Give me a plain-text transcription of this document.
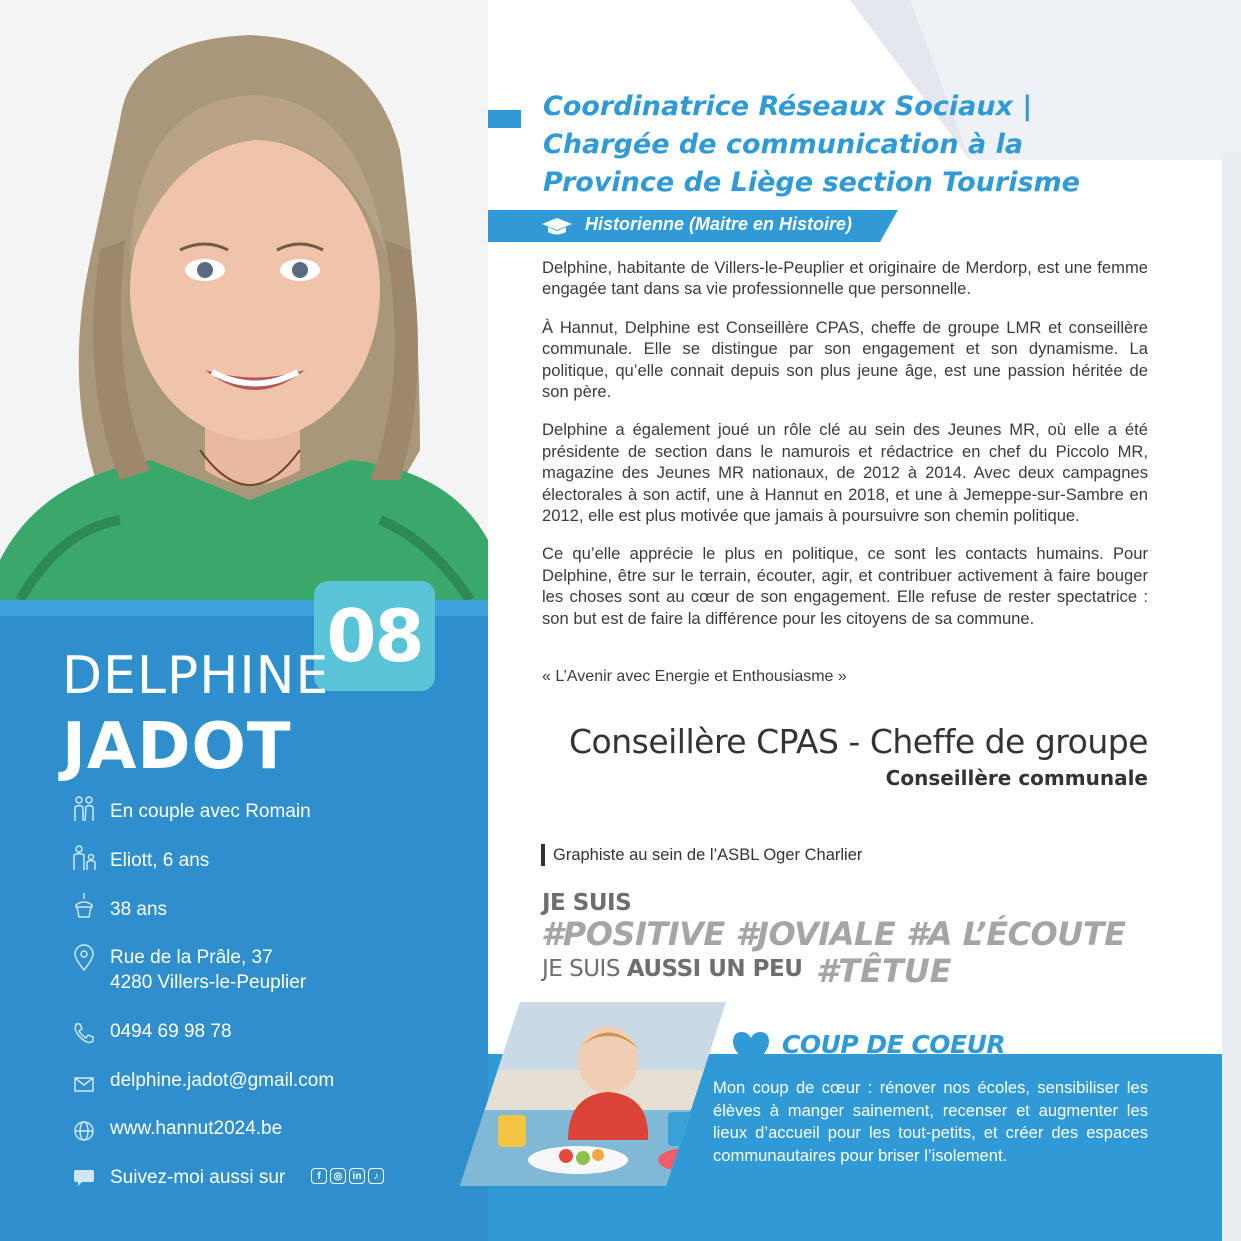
08
DELPHINE
JADOT
En couple avec Romain
Eliott, 6 ans
38 ans
Rue de la Prâle, 37
4280 Villers-le-Peuplier
0494 69 98 78
delphine.jadot@gmail.com
www.hannut2024.be
Suivez-moi aussi sur	f	◎	in	♪
Coordinatrice Réseaux Sociaux | Chargée de communication à la Province de Liège section Tourisme
Historienne (Maitre en Histoire)

Delphine, habitante de Villers-le-Peuplier et originaire de Merdorp, est une femme engagée tant dans sa vie professionnelle que personnelle.

À Hannut, Delphine est Conseillère CPAS, cheffe de groupe LMR et conseillère communale. Elle se distingue par son engagement et son dynamisme. La politique, qu’elle connait depuis son plus jeune âge, est une passion héritée de son père.

Delphine a également joué un rôle clé au sein des Jeunes MR, où elle a été présidente de section dans le namurois et rédactrice en chef du Piccolo MR, magazine des Jeunes MR nationaux, de 2012 à 2014. Avec deux campagnes électorales à son actif, une à Hannut en 2018, et une à Jemeppe-sur-Sambre en 2012, elle est plus motivée que jamais à poursuivre son chemin politique.

Ce qu’elle apprécie le plus en politique, ce sont les contacts humains. Pour Delphine, être sur le terrain, écouter, agir, et contribuer activement à faire bouger les choses sont au cœur de son engagement. Elle refuse de rester spectatrice : son but est de faire la différence pour les citoyens de sa commune.

« L’Avenir avec Energie et Enthousiasme »
Conseillère CPAS - Cheffe de groupe
Conseillère communale
Graphiste au sein de l’ASBL Oger Charlier
JE SUIS
#POSITIVE #JOVIALE #A L’ÉCOUTE
JE SUIS AUSSI UN PEU #TÊTUE
COUP DE COEUR
Mon coup de cœur : rénover nos écoles, sensibiliser les élèves à manger sainement, recenser et augmenter les lieux d’accueil pour les tout-petits, et créer des espaces communautaires pour briser l’isolement.
